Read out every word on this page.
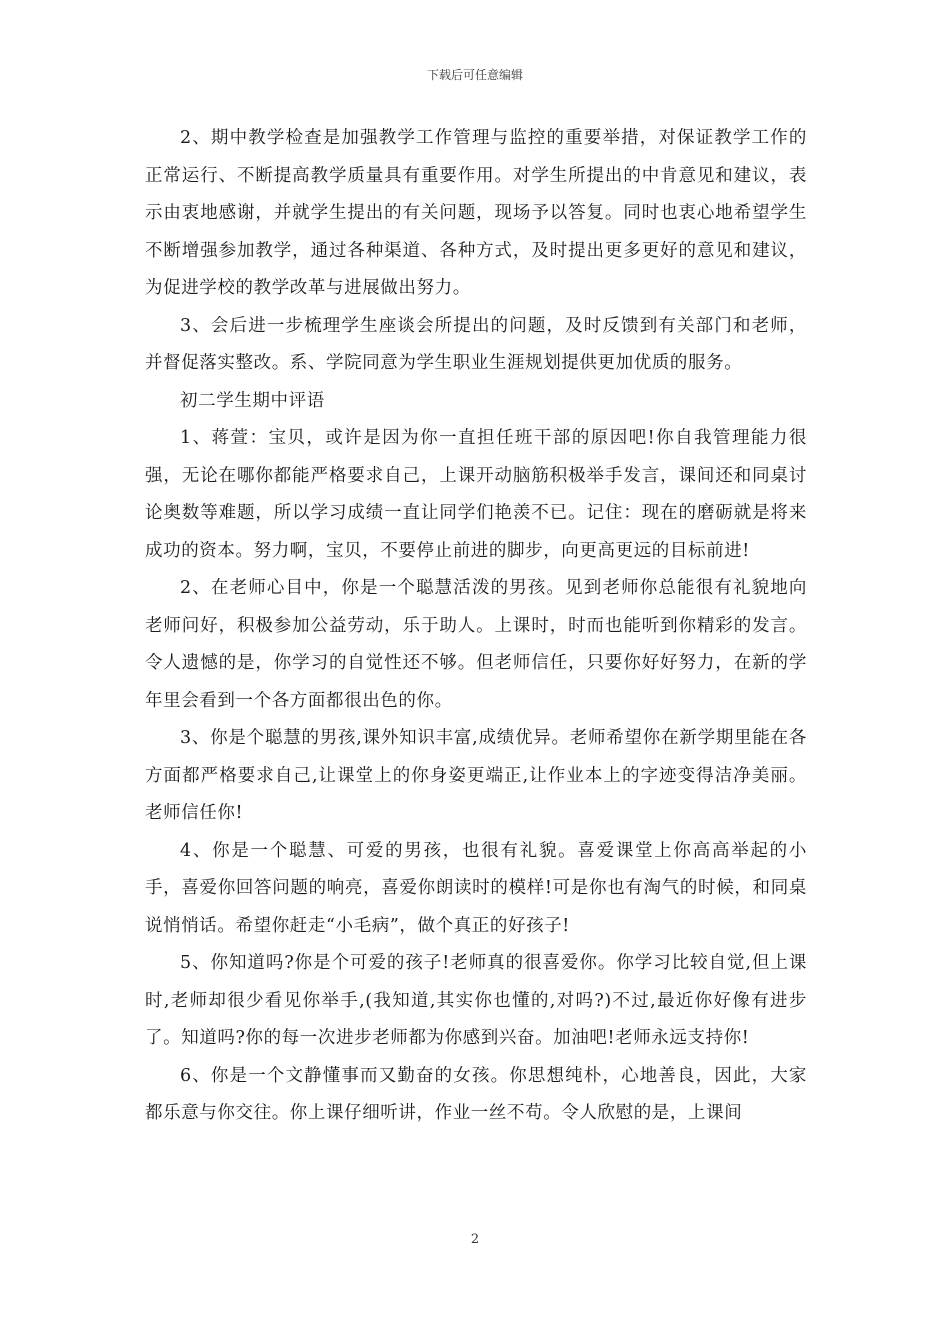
下载后可任意编辑

2、期中教学检查是加强教学工作管理与监控的重要举措，对保证教学工作的正常运行、不断提高教学质量具有重要作用。对学生所提出的中肯意见和建议，表示由衷地感谢，并就学生提出的有关问题，现场予以答复。同时也衷心地希望学生不断增强参加教学，通过各种渠道、各种方式，及时提出更多更好的意见和建议，为促进学校的教学改革与进展做出努力。

3、会后进一步梳理学生座谈会所提出的问题，及时反馈到有关部门和老师，并督促落实整改。系、学院同意为学生职业生涯规划提供更加优质的服务。

初二学生期中评语

1、蒋萱：宝贝，或许是因为你一直担任班干部的原因吧!你自我管理能力很强，无论在哪你都能严格要求自己，上课开动脑筋积极举手发言，课间还和同桌讨论奥数等难题，所以学习成绩一直让同学们艳羡不已。记住：现在的磨砺就是将来成功的资本。努力啊，宝贝，不要停止前进的脚步，向更高更远的目标前进!

2、在老师心目中，你是一个聪慧活泼的男孩。见到老师你总能很有礼貌地向老师问好，积极参加公益劳动，乐于助人。上课时，时而也能听到你精彩的发言。令人遗憾的是，你学习的自觉性还不够。但老师信任，只要你好好努力，在新的学年里会看到一个各方面都很出色的你。

3、你是个聪慧的男孩,课外知识丰富,成绩优异。老师希望你在新学期里能在各方面都严格要求自己,让课堂上的你身姿更端正,让作业本上的字迹变得洁净美丽。老师信任你!

4、你是一个聪慧、可爱的男孩，也很有礼貌。喜爱课堂上你高高举起的小手，喜爱你回答问题的响亮，喜爱你朗读时的模样!可是你也有淘气的时候，和同桌说悄悄话。希望你赶走“小毛病”，做个真正的好孩子!

5、你知道吗?你是个可爱的孩子!老师真的很喜爱你。你学习比较自觉,但上课时,老师却很少看见你举手,(我知道,其实你也懂的,对吗?)不过,最近你好像有进步了。知道吗?你的每一次进步老师都为你感到兴奋。加油吧!老师永远支持你!

6、你是一个文静懂事而又勤奋的女孩。你思想纯朴，心地善良，因此，大家都乐意与你交往。你上课仔细听讲，作业一丝不苟。令人欣慰的是，上课间

2
